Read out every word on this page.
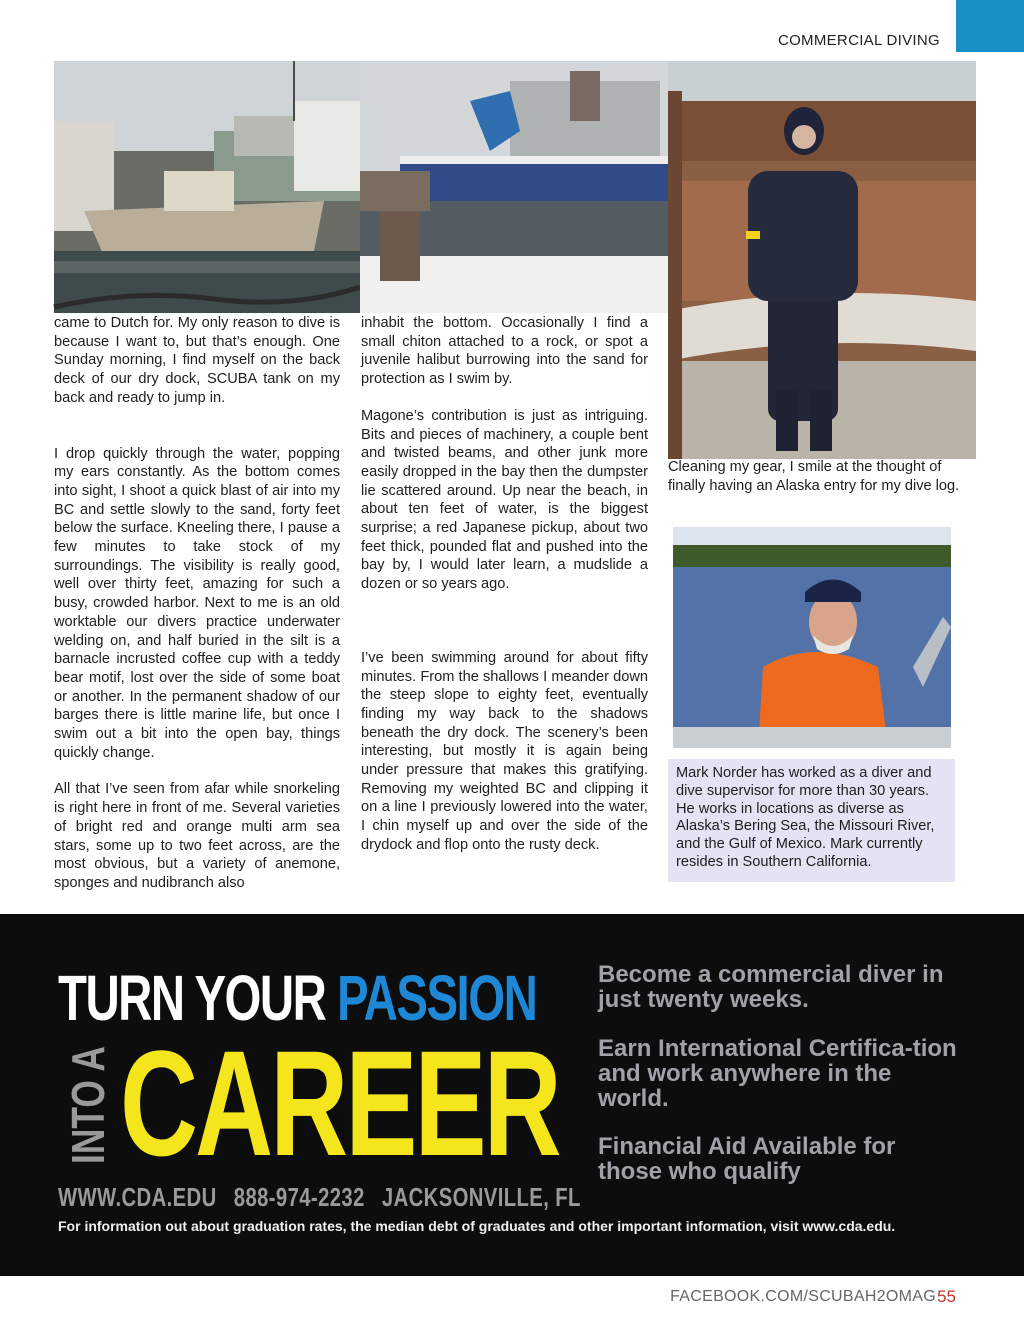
COMMERCIAL DIVING

came to Dutch for. My only reason to dive is because I want to, but that’s enough. One Sunday morning, I find myself on the back deck of our dry dock, SCUBA tank on my back and ready to jump in.

I drop quickly through the water, popping my ears constantly. As the bottom comes into sight, I shoot a quick blast of air into my BC and settle slowly to the sand, forty feet below the surface. Kneeling there, I pause a few minutes to take stock of my surroundings. The visibility is really good, well over thirty feet, amazing for such a busy, crowded harbor. Next to me is an old worktable our divers practice underwater welding on, and half buried in the silt is a barnacle incrusted coffee cup with a teddy bear motif, lost over the side of some boat or another. In the permanent shadow of our barges there is little marine life, but once I swim out a bit into the open bay, things quickly change.

All that I’ve seen from afar while snorkeling is right here in front of me. Several varieties of bright red and orange multi arm sea stars, some up to two feet across, are the most obvious, but a variety of anemone, sponges and nudibranch also

inhabit the bottom. Occasionally I find a small chiton attached to a rock, or spot a juvenile halibut burrowing into the sand for protection as I swim by.

Magone’s contribution is just as intriguing. Bits and pieces of machinery, a couple bent and twisted beams, and other junk more easily dropped in the bay then the dumpster lie scattered around. Up near the beach, in about ten feet of water, is the biggest surprise; a red Japanese pickup, about two feet thick, pounded flat and pushed into the bay by, I would later learn, a mudslide a dozen or so years ago.

I’ve been swimming around for about fifty minutes. From the shallows I meander down the steep slope to eighty feet, eventually finding my way back to the shadows beneath the dry dock. The scenery’s been interesting, but mostly it is again being under pressure that makes this gratifying. Removing my weighted BC and clipping it on a line I previously lowered into the water, I chin myself up and over the side of the drydock and flop onto the rusty deck.

Cleaning my gear, I smile at the thought of finally having an Alaska entry for my dive log.

Mark Norder has worked as a diver and dive supervisor for more than 30 years. He works in locations as diverse as Alaska’s Bering Sea, the Missouri River, and the Gulf of Mexico. Mark currently resides in Southern California.

TURN YOUR PASSION
INTO A CAREER
WWW.CDA.EDU 888-974-2232 JACKSONVILLE, FL
Become a commercial diver in just twenty weeks.
Earn International Certifica-tion and work anywhere in the world.
Financial Aid Available for those who qualify
For information out about graduation rates, the median debt of graduates and other important information, visit www.cda.edu.
FACEBOOK.COM/SCUBAH2OMAG 55
